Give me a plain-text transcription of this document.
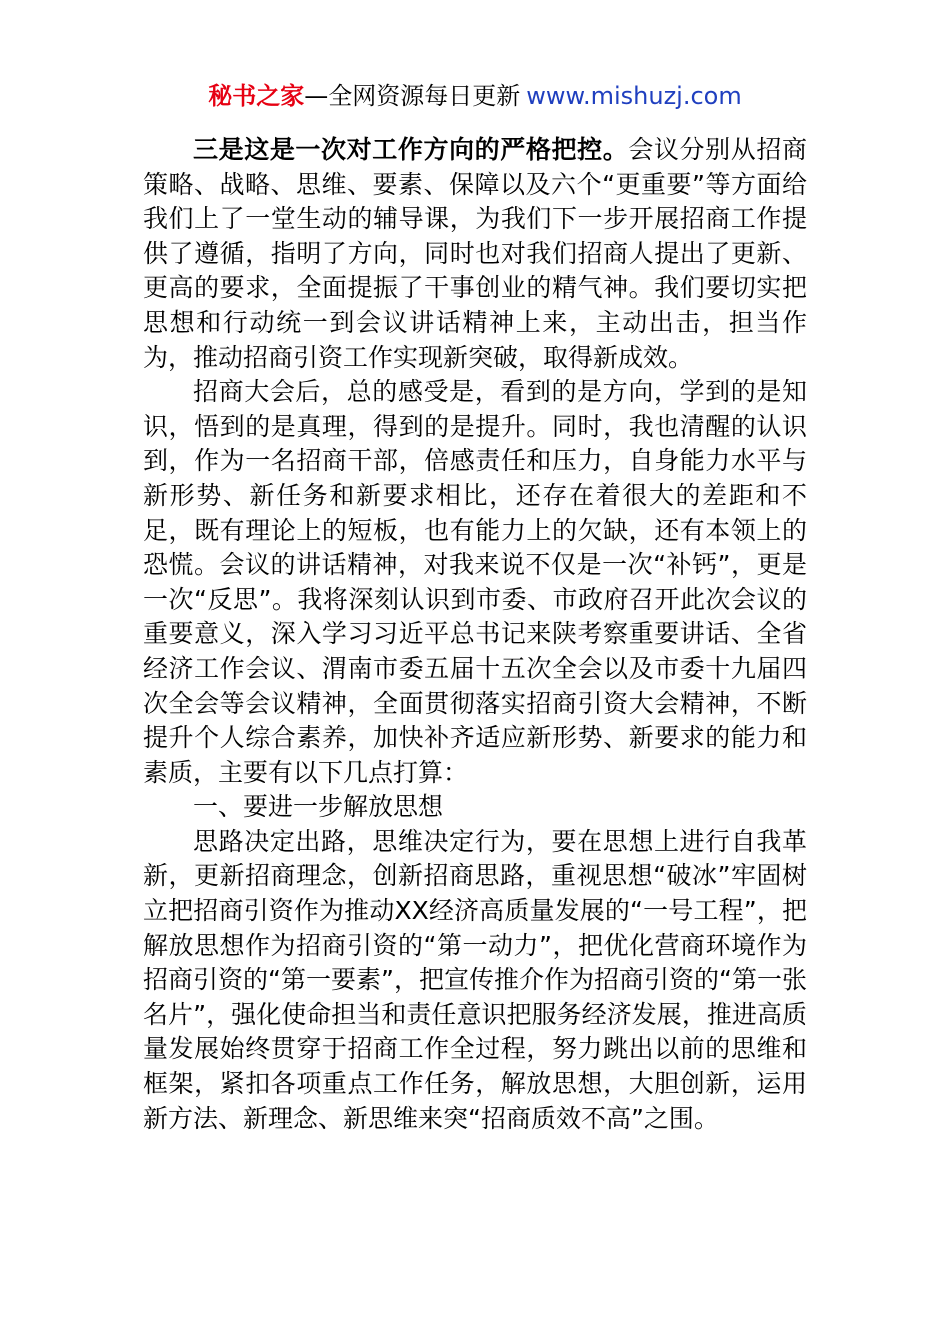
秘书之家—全网资源每日更新 www.mishuzj.com

三是这是一次对工作方向的严格把控。会议分别从招商策略、战略、思维、要素、保障以及六个“更重要”等方面给我们上了一堂生动的辅导课，为我们下一步开展招商工作提供了遵循，指明了方向，同时也对我们招商人提出了更新、更高的要求，全面提振了干事创业的精气神。我们要切实把思想和行动统一到会议讲话精神上来，主动出击，担当作为，推动招商引资工作实现新突破，取得新成效。

招商大会后，总的感受是，看到的是方向，学到的是知识，悟到的是真理，得到的是提升。同时，我也清醒的认识到，作为一名招商干部，倍感责任和压力，自身能力水平与新形势、新任务和新要求相比，还存在着很大的差距和不足，既有理论上的短板，也有能力上的欠缺，还有本领上的恐慌。会议的讲话精神，对我来说不仅是一次“补钙”，更是一次“反思”。我将深刻认识到市委、市政府召开此次会议的重要意义，深入学习习近平总书记来陕考察重要讲话、全省经济工作会议、渭南市委五届十五次全会以及市委十九届四次全会等会议精神，全面贯彻落实招商引资大会精神，不断提升个人综合素养，加快补齐适应新形势、新要求的能力和素质，主要有以下几点打算：

一、要进一步解放思想

思路决定出路，思维决定行为，要在思想上进行自我革新，更新招商理念，创新招商思路，重视思想“破冰”牢固树立把招商引资作为推动XX经济高质量发展的“一号工程”，把解放思想作为招商引资的“第一动力”，把优化营商环境作为招商引资的“第一要素”，把宣传推介作为招商引资的“第一张名片”，强化使命担当和责任意识把服务经济发展，推进高质量发展始终贯穿于招商工作全过程，努力跳出以前的思维和框架，紧扣各项重点工作任务，解放思想，大胆创新，运用新方法、新理念、新思维来突“招商质效不高”之围。
